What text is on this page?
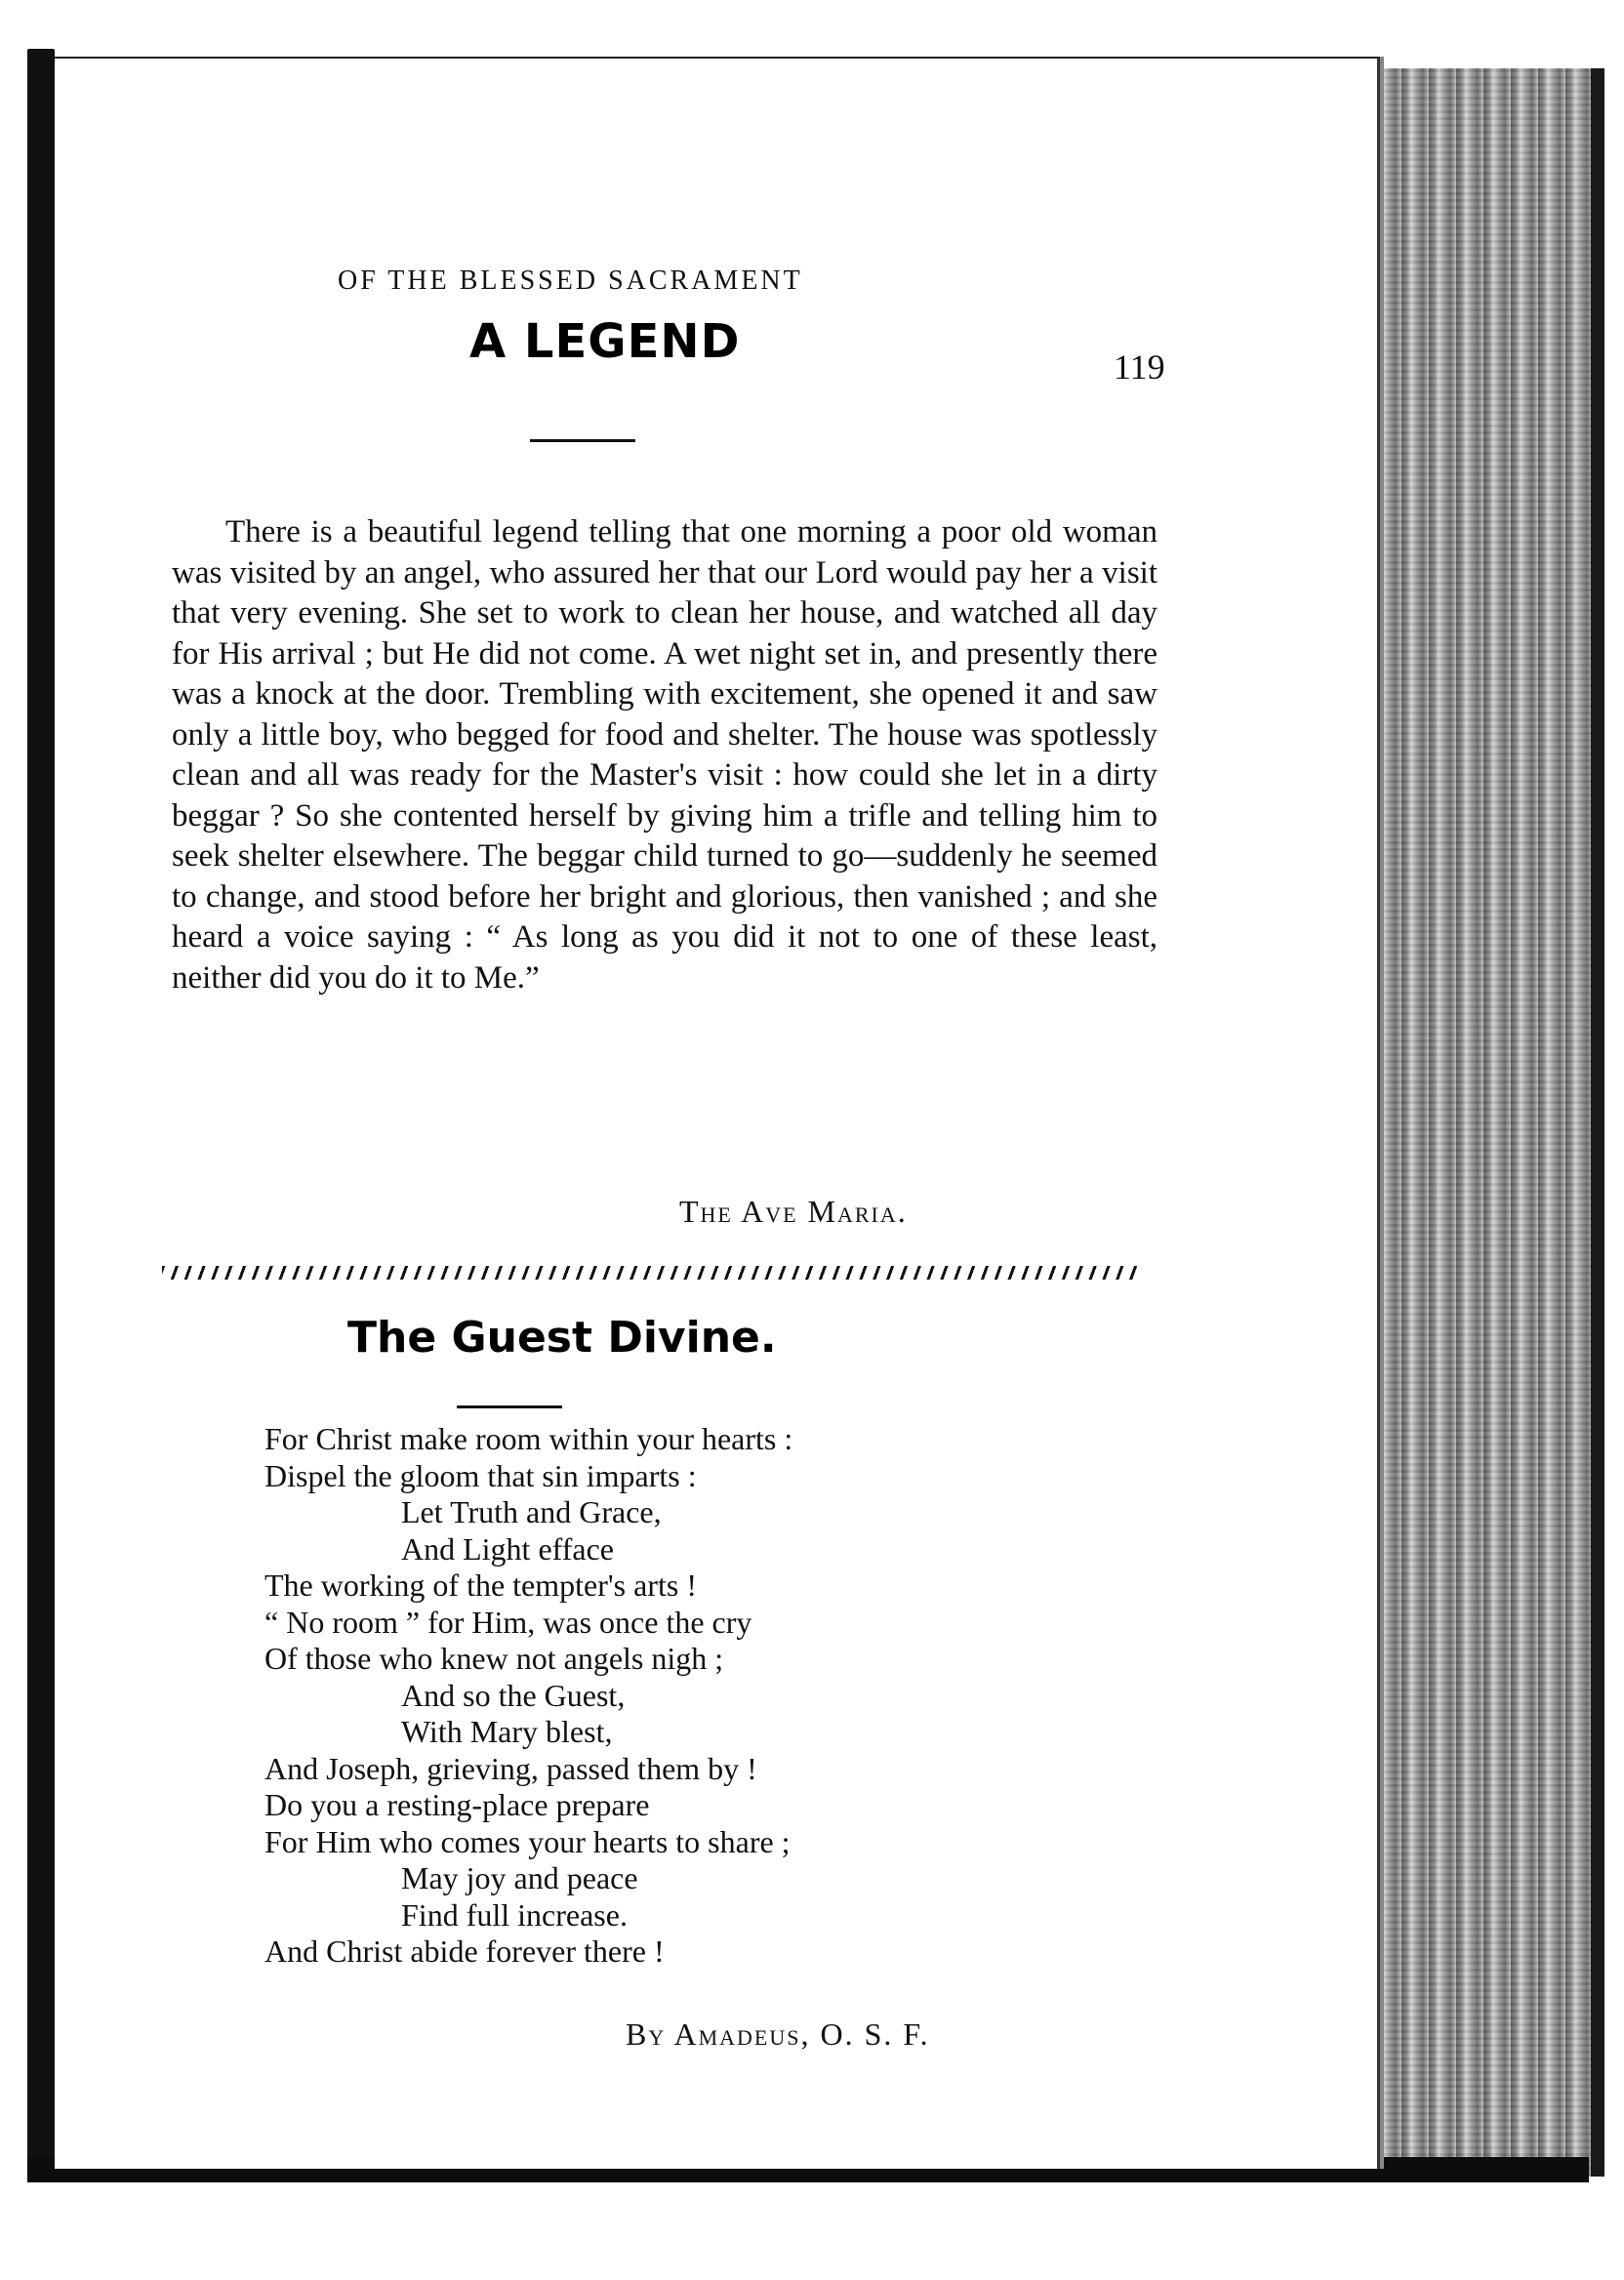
OF THE BLESSED SACRAMENT

119

A LEGEND

There is a beautiful legend telling that one morning a poor old woman was visited by an angel, who assured her that our Lord would pay her a visit that very evening. She set to work to clean her house, and watched all day for His arrival ; but He did not come. A wet night set in, and presently there was a knock at the door. Trembling with excitement, she opened it and saw only a little boy, who begged for food and shelter. The house was spotlessly clean and all was ready for the Master's visit : how could she let in a dirty beggar ? So she contented herself by giving him a trifle and telling him to seek shelter elsewhere. The beggar child turned to go—suddenly he seemed to change, and stood before her bright and glorious, then vanished ; and she heard a voice saying : “ As long as you did it not to one of these least, neither did you do it to Me.”

The Ave Maria.

The Guest Divine.
For Christ make room within your hearts :
Dispel the gloom that sin imparts :
Let Truth and Grace,
And Light efface
The working of the tempter's arts !
“ No room ” for Him, was once the cry
Of those who knew not angels nigh ;
And so the Guest,
With Mary blest,
And Joseph, grieving, passed them by !
Do you a resting-place prepare
For Him who comes your hearts to share ;
May joy and peace
Find full increase.
And Christ abide forever there !

By Amadeus, O. S. F.
